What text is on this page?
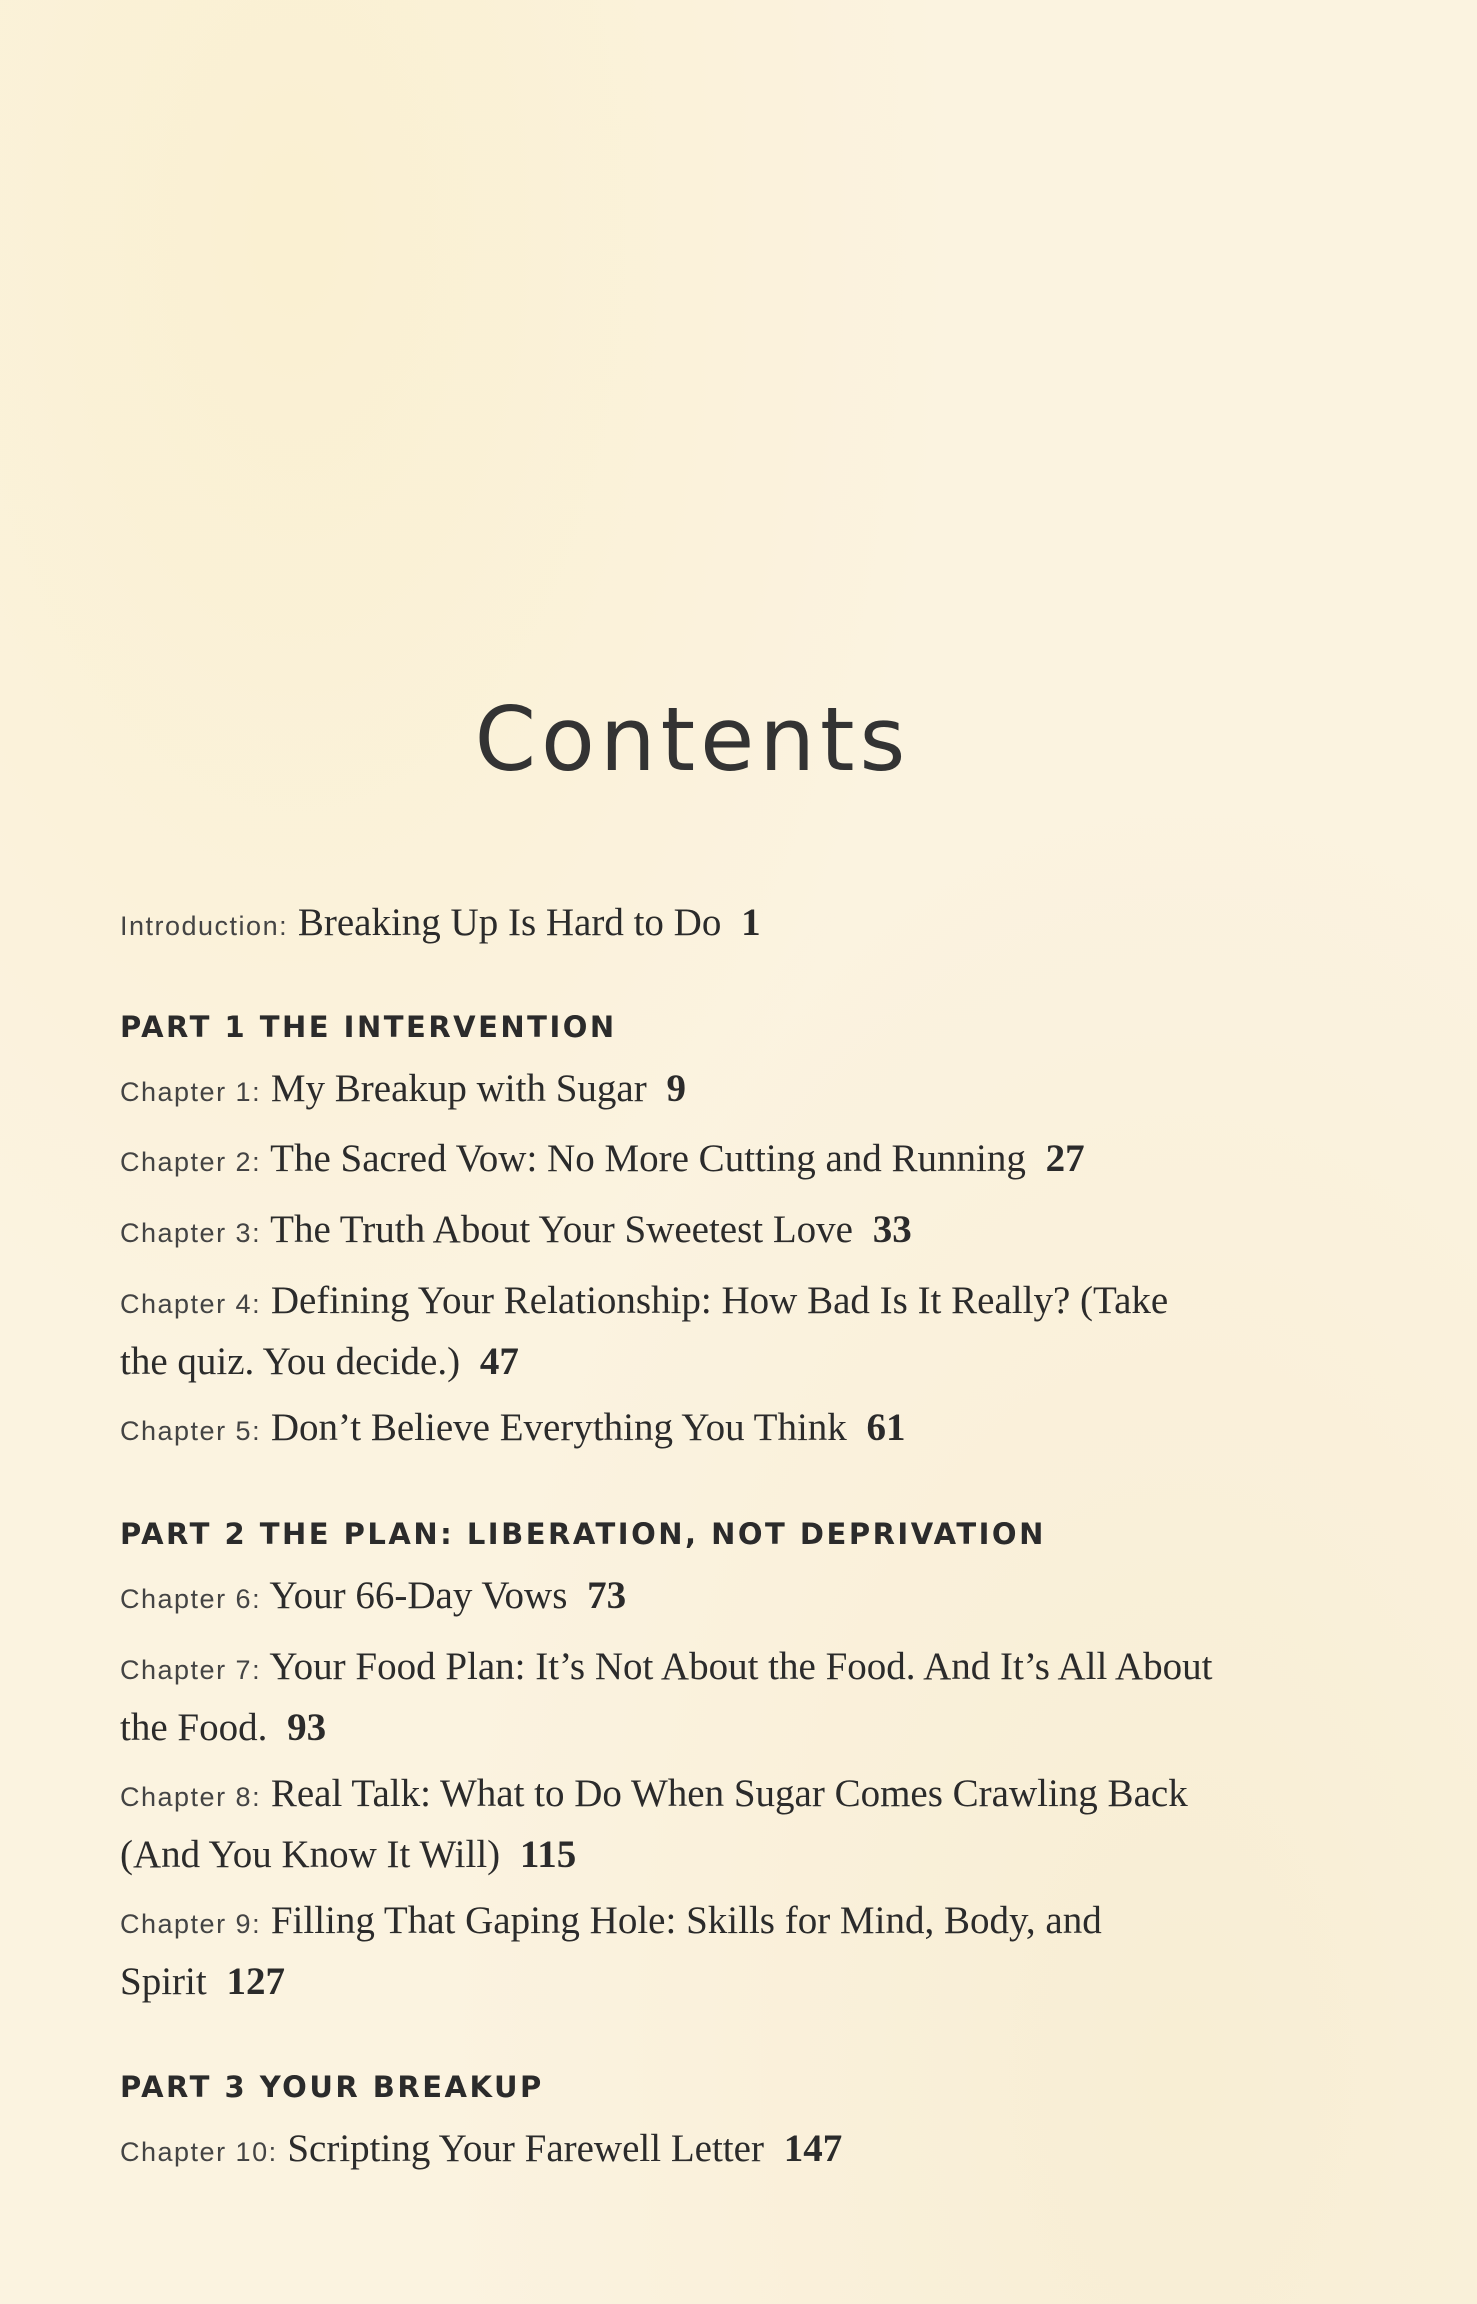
Contents
Introduction: Breaking Up Is Hard to Do 1
PART 1 THE INTERVENTION
Chapter 1: My Breakup with Sugar 9
Chapter 2: The Sacred Vow: No More Cutting and Running 27
Chapter 3: The Truth About Your Sweetest Love 33
Chapter 4: Defining Your Relationship: How Bad Is It Really? (Take the quiz. You decide.) 47
Chapter 5: Don’t Believe Everything You Think 61
PART 2 THE PLAN: LIBERATION, NOT DEPRIVATION
Chapter 6: Your 66-Day Vows 73
Chapter 7: Your Food Plan: It’s Not About the Food. And It’s All About the Food. 93
Chapter 8: Real Talk: What to Do When Sugar Comes Crawling Back (And You Know It Will) 115
Chapter 9: Filling That Gaping Hole: Skills for Mind, Body, and Spirit 127
PART 3 YOUR BREAKUP
Chapter 10: Scripting Your Farewell Letter 147
